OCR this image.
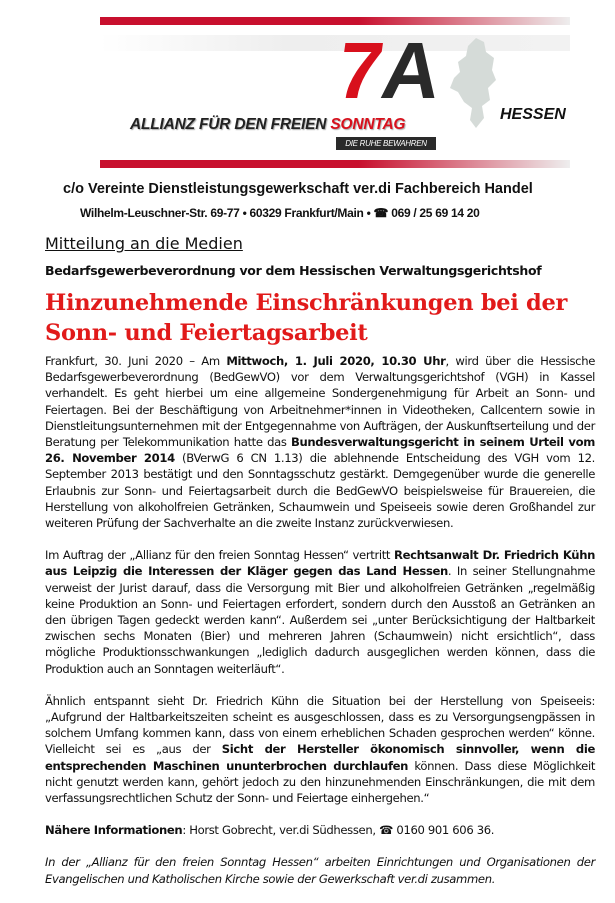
7A
ALLIANZ FÜR DEN FREIEN SONNTAG
DIE RUHE BEWAHREN
HESSEN
c/o Vereinte Dienstleistungsgewerkschaft ver.di Fachbereich Handel
Wilhelm-Leuschner-Str. 69-77 • 60329 Frankfurt/Main • ☎ 069 / 25 69 14 20
Mitteilung an die Medien
Bedarfsgewerbeverordnung vor dem Hessischen Verwaltungsgerichtshof
Hinzunehmende Einschränkungen bei der Sonn- und Feiertagsarbeit
Frankfurt, 30. Juni 2020 – Am Mittwoch, 1. Juli 2020, 10.30 Uhr, wird über die Hessische Bedarfsgewerbeverordnung (BedGewVO) vor dem Verwaltungsgerichtshof (VGH) in Kassel verhandelt. Es geht hierbei um eine allgemeine Sondergenehmigung für Arbeit an Sonn- und Feiertagen. Bei der Beschäftigung von Arbeitnehmer*innen in Videotheken, Callcentern sowie in Dienstleitungsunternehmen mit der Entgegennahme von Aufträgen, der Auskunftserteilung und der Beratung per Telekommunikation hatte das Bundesverwaltungsgericht in seinem Urteil vom 26. November 2014 (BVerwG 6 CN 1.13) die ablehnende Entscheidung des VGH vom 12. September 2013 bestätigt und den Sonntagsschutz gestärkt. Demgegenüber wurde die generelle Erlaubnis zur Sonn- und Feiertagsarbeit durch die BedGewVO beispielsweise für Brauereien, die Herstellung von alkoholfreien Getränken, Schaumwein und Speiseeis sowie deren Großhandel zur weiteren Prüfung der Sachverhalte an die zweite Instanz zurückverwiesen.
Im Auftrag der „Allianz für den freien Sonntag Hessen“ vertritt Rechtsanwalt Dr. Friedrich Kühn aus Leipzig die Interessen der Kläger gegen das Land Hessen. In seiner Stellungnahme verweist der Jurist darauf, dass die Versorgung mit Bier und alkoholfreien Getränken „regelmäßig keine Produktion an Sonn- und Feiertagen erfordert, sondern durch den Ausstoß an Getränken an den übrigen Tagen gedeckt werden kann“. Außerdem sei „unter Berücksichtigung der Haltbarkeit zwischen sechs Monaten (Bier) und mehreren Jahren (Schaumwein) nicht ersichtlich“, dass mögliche Produktionsschwankungen „lediglich dadurch ausgeglichen werden können, dass die Produktion auch an Sonntagen weiterläuft“.
Ähnlich entspannt sieht Dr. Friedrich Kühn die Situation bei der Herstellung von Speiseeis: „Aufgrund der Haltbarkeitszeiten scheint es ausgeschlossen, dass es zu Versorgungsengpässen in solchem Umfang kommen kann, dass von einem erheblichen Schaden gesprochen werden“ könne. Vielleicht sei es „aus der Sicht der Hersteller ökonomisch sinnvoller, wenn die entsprechenden Maschinen ununterbrochen durchlaufen können. Dass diese Möglichkeit nicht genutzt werden kann, gehört jedoch zu den hinzunehmenden Einschränkungen, die mit dem verfassungsrechtlichen Schutz der Sonn- und Feiertage einhergehen.“
Nähere Informationen: Horst Gobrecht, ver.di Südhessen, ☎ 0160 901 606 36.
In der „Allianz für den freien Sonntag Hessen“ arbeiten Einrichtungen und Organisationen der Evangelischen und Katholischen Kirche sowie der Gewerkschaft ver.di zusammen.
